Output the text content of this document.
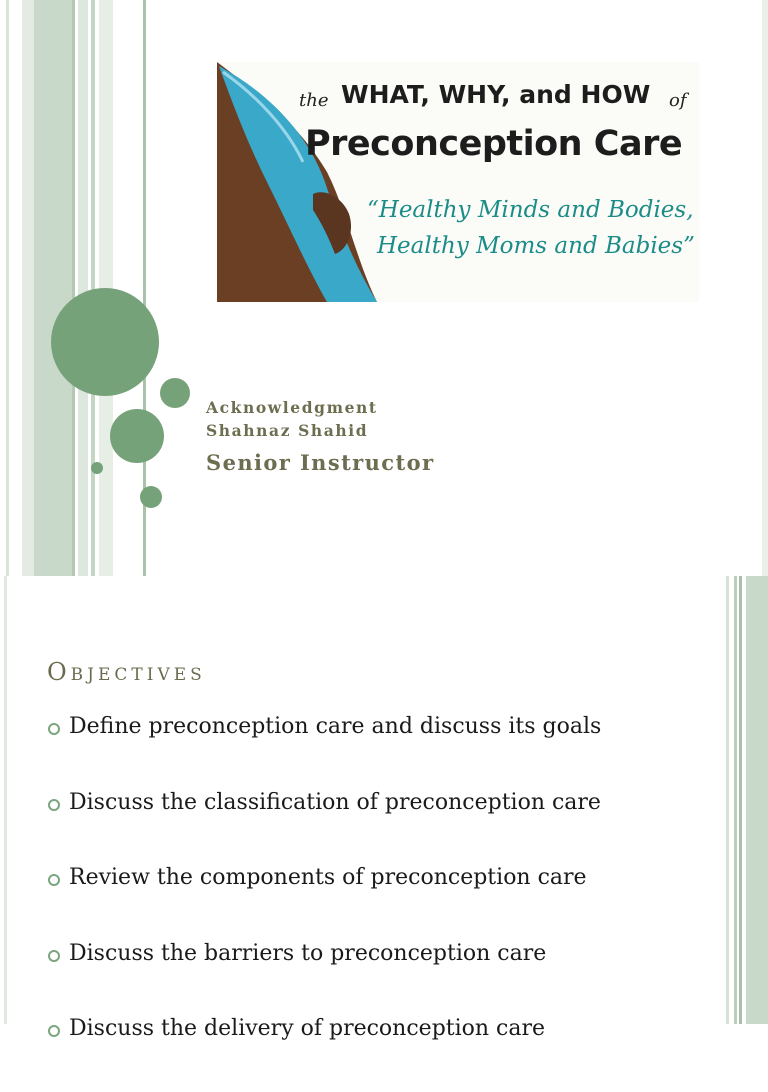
the WHAT, WHY, and HOW of
Preconception Care
“Healthy Minds and Bodies,
Healthy Moms and Babies”
Acknowledgment
Shahnaz Shahid
Senior Instructor
Objectives
Define preconception care and discuss its goals
Discuss the classification of preconception care
Review the components of preconception care
Discuss the barriers to preconception care
Discuss the delivery of preconception care
